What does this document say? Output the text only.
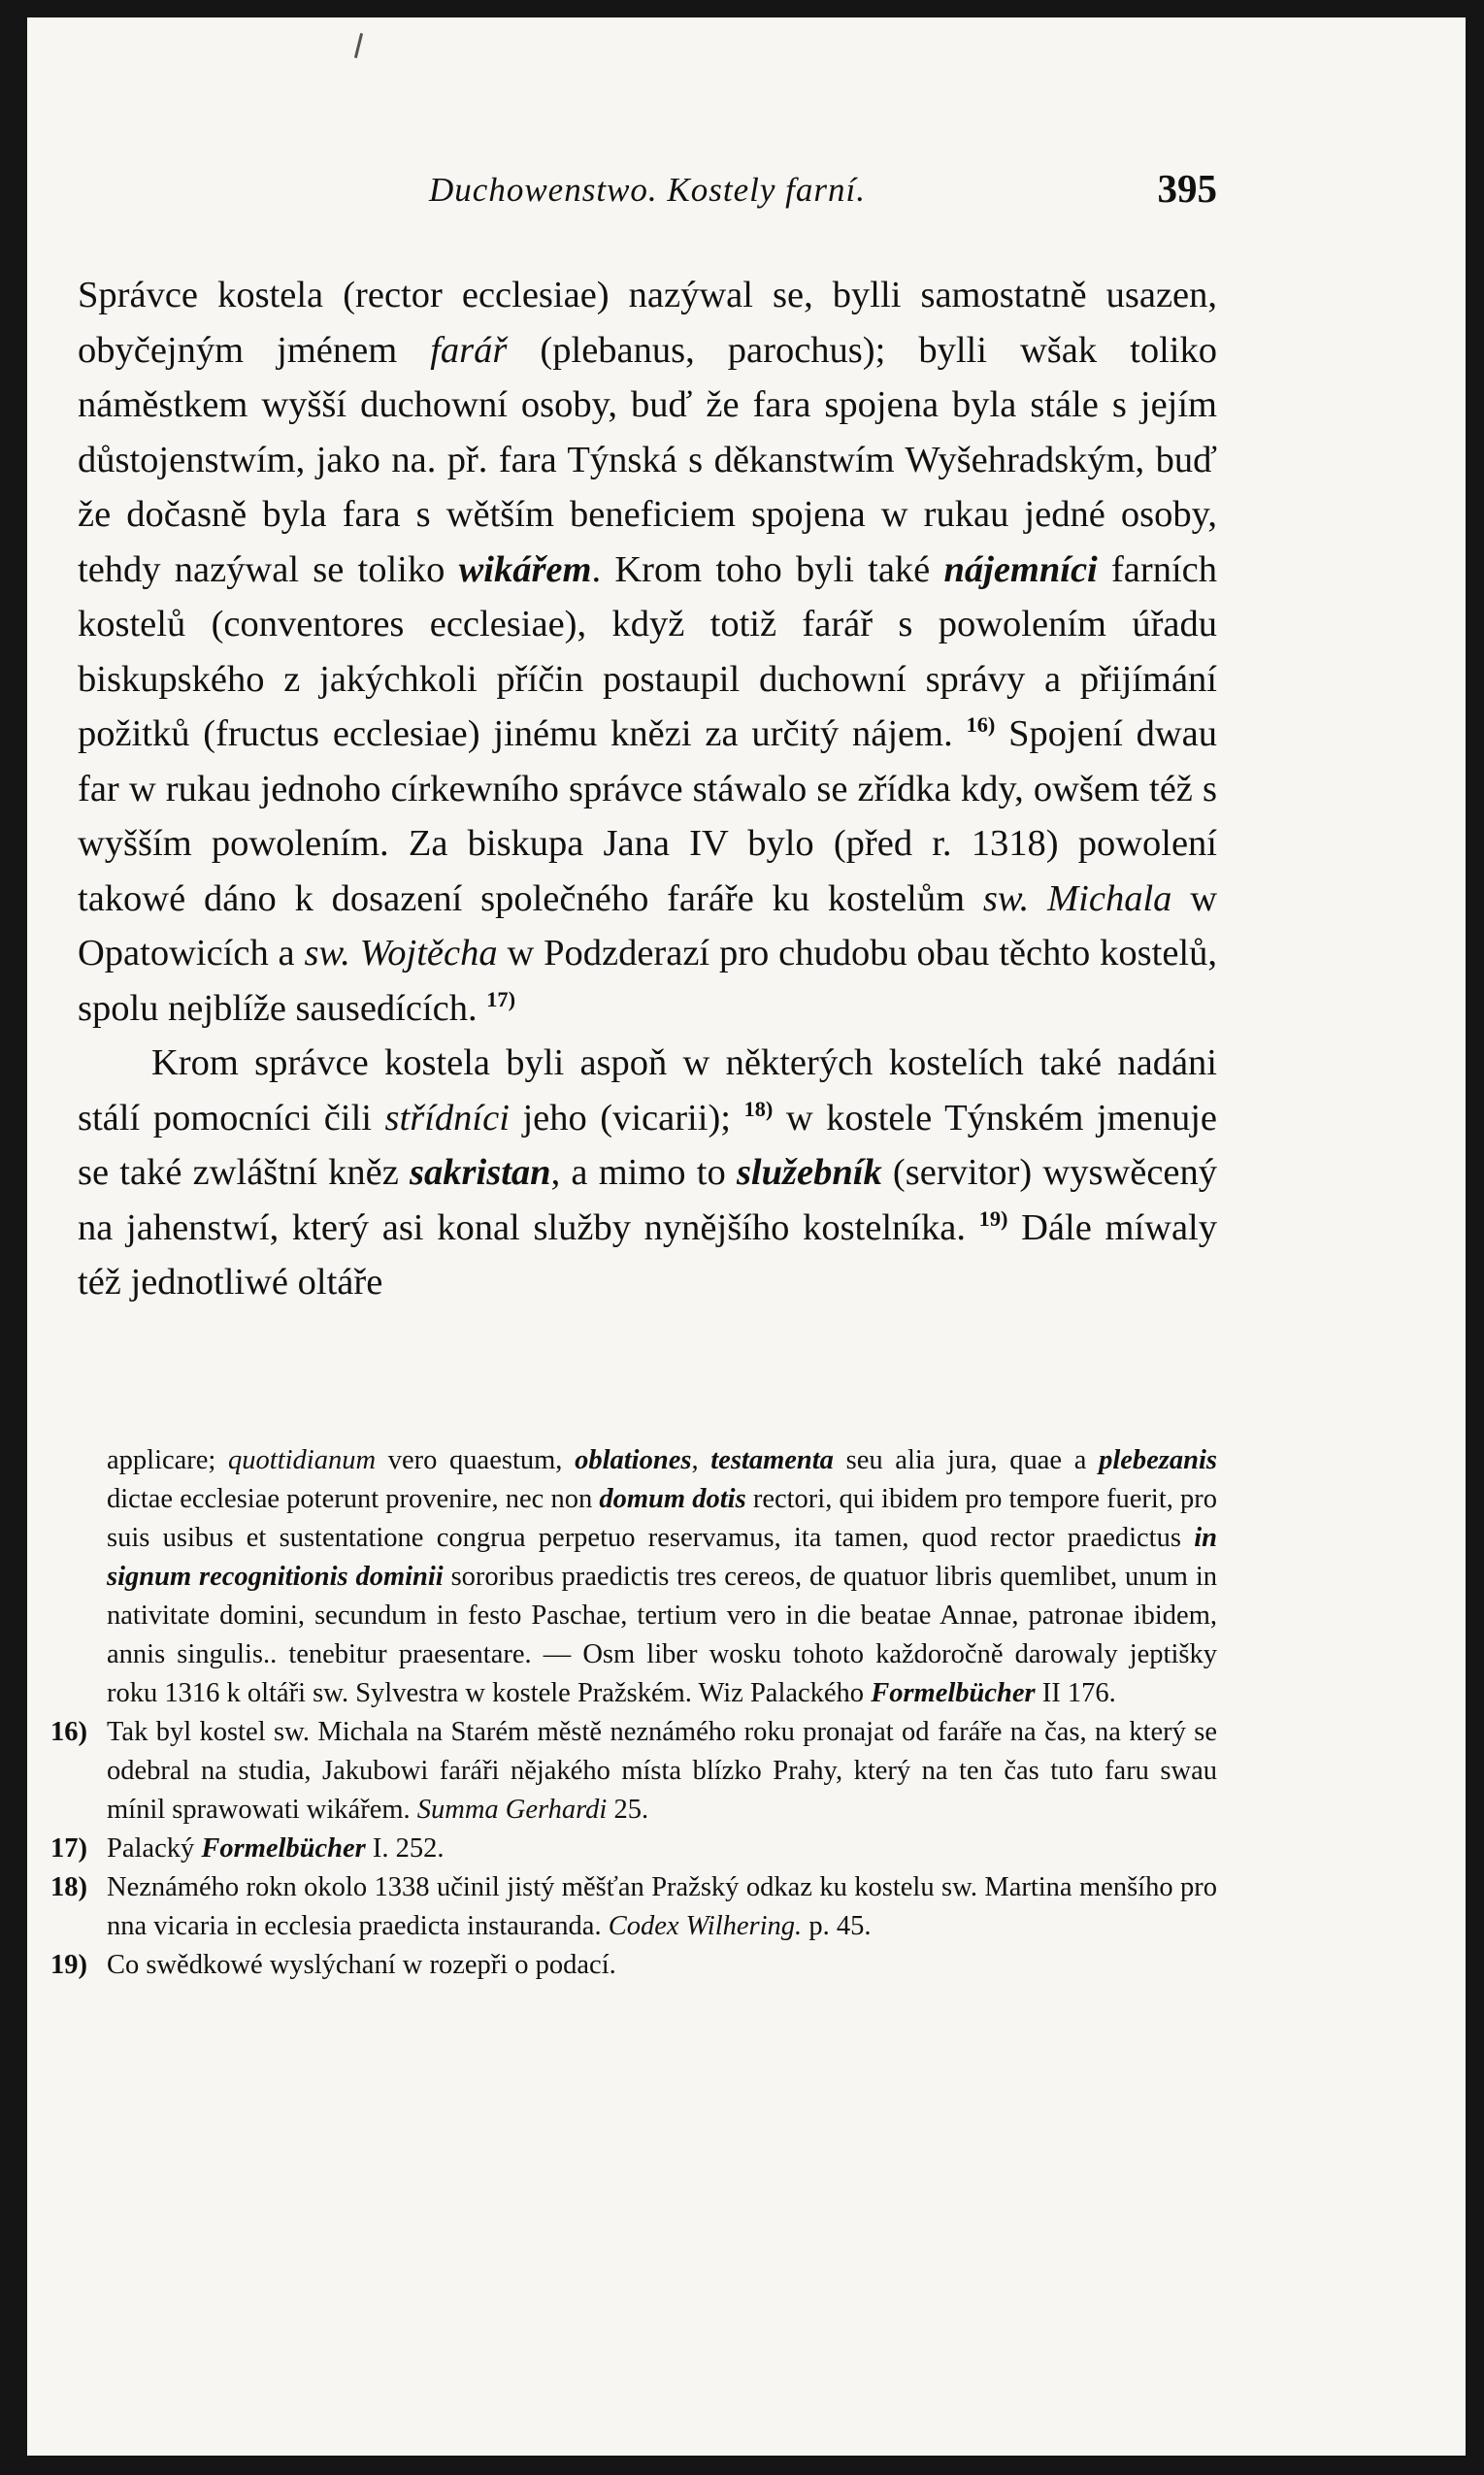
Duchowenstwo. Kostely farní.	395

Správce kostela (rector ecclesiae) nazýwal se, bylli samostatně usazen, obyčejným jménem farář (plebanus, parochus); bylli wšak toliko náměstkem wyšší duchowní osoby, buď že fara spojena byla stále s jejím důstojenstwím, jako na. př. fara Týnská s děkanstwím Wyšehradským, buď že dočasně byla fara s wětším beneficiem spojena w rukau jedné osoby, tehdy nazýwal se toliko wikářem. Krom toho byli také nájemníci farních kostelů (conventores ecclesiae), když totiž farář s powolením úřadu biskupského z jakýchkoli příčin postaupil duchowní správy a přijímání požitků (fructus ecclesiae) jinému knězi za určitý nájem. $^{16)}$ Spojení dwau far w rukau jednoho církewního správce stáwalo se zřídka kdy, owšem též s wyšším powolením. Za biskupa Jana IV bylo (před r. 1318) powolení takowé dáno k dosazení společného faráře ku kostelům sw. Michala w Opatowicích a sw. Wojtěcha w Podzderazí pro chudobu obau těchto kostelů, spolu nejblíže sausedících. $^{17)}$

Krom správce kostela byli aspoň w některých kostelích také nadáni stálí pomocníci čili střídníci jeho (vicarii); $^{18)}$ w kostele Týnském jmenuje se také zwláštní kněz sakristan, a mimo to služebník (servitor) wyswěcený na jahenstwí, který asi konal služby nynějšího kostelníka. $^{19)}$ Dále míwaly též jednotliwé oltáře

applicare; quottidianum vero quaestum, oblationes, testamenta seu alia jura, quae a plebezanis dictae ecclesiae poterunt provenire, nec non domum dotis rectori, qui ibidem pro tempore fuerit, pro suis usibus et sustentatione congrua perpetuo reservamus, ita tamen, quod rector praedictus in signum recognitionis dominii sororibus praedictis tres cereos, de quatuor libris quemlibet, unum in nativitate domini, secundum in festo Paschae, tertium vero in die beatae Annae, patronae ibidem, annis singulis.. tenebitur praesentare. — Osm liber wosku tohoto každoročně darowaly jeptišky roku 1316 k oltáři sw. Sylvestra w kostele Pražském. Wiz Palackého Formelbücher II 176.

16) Tak byl kostel sw. Michala na Starém městě neznámého roku pronajat od faráře na čas, na který se odebral na studia, Jakubowi faráři nějakého místa blízko Prahy, který na ten čas tuto faru swau mínil sprawowati wikářem. Summa Gerhardi 25.

17) Palacký Formelbücher I. 252.

18) Neznámého rokn okolo 1338 učinil jistý měšťan Pražský odkaz ku kostelu sw. Martina menšího pro nna vicaria in ecclesia praedicta instauranda. Codex Wilhering. p. 45.

19) Co swědkowé wyslýchaní w rozepři o podací.
